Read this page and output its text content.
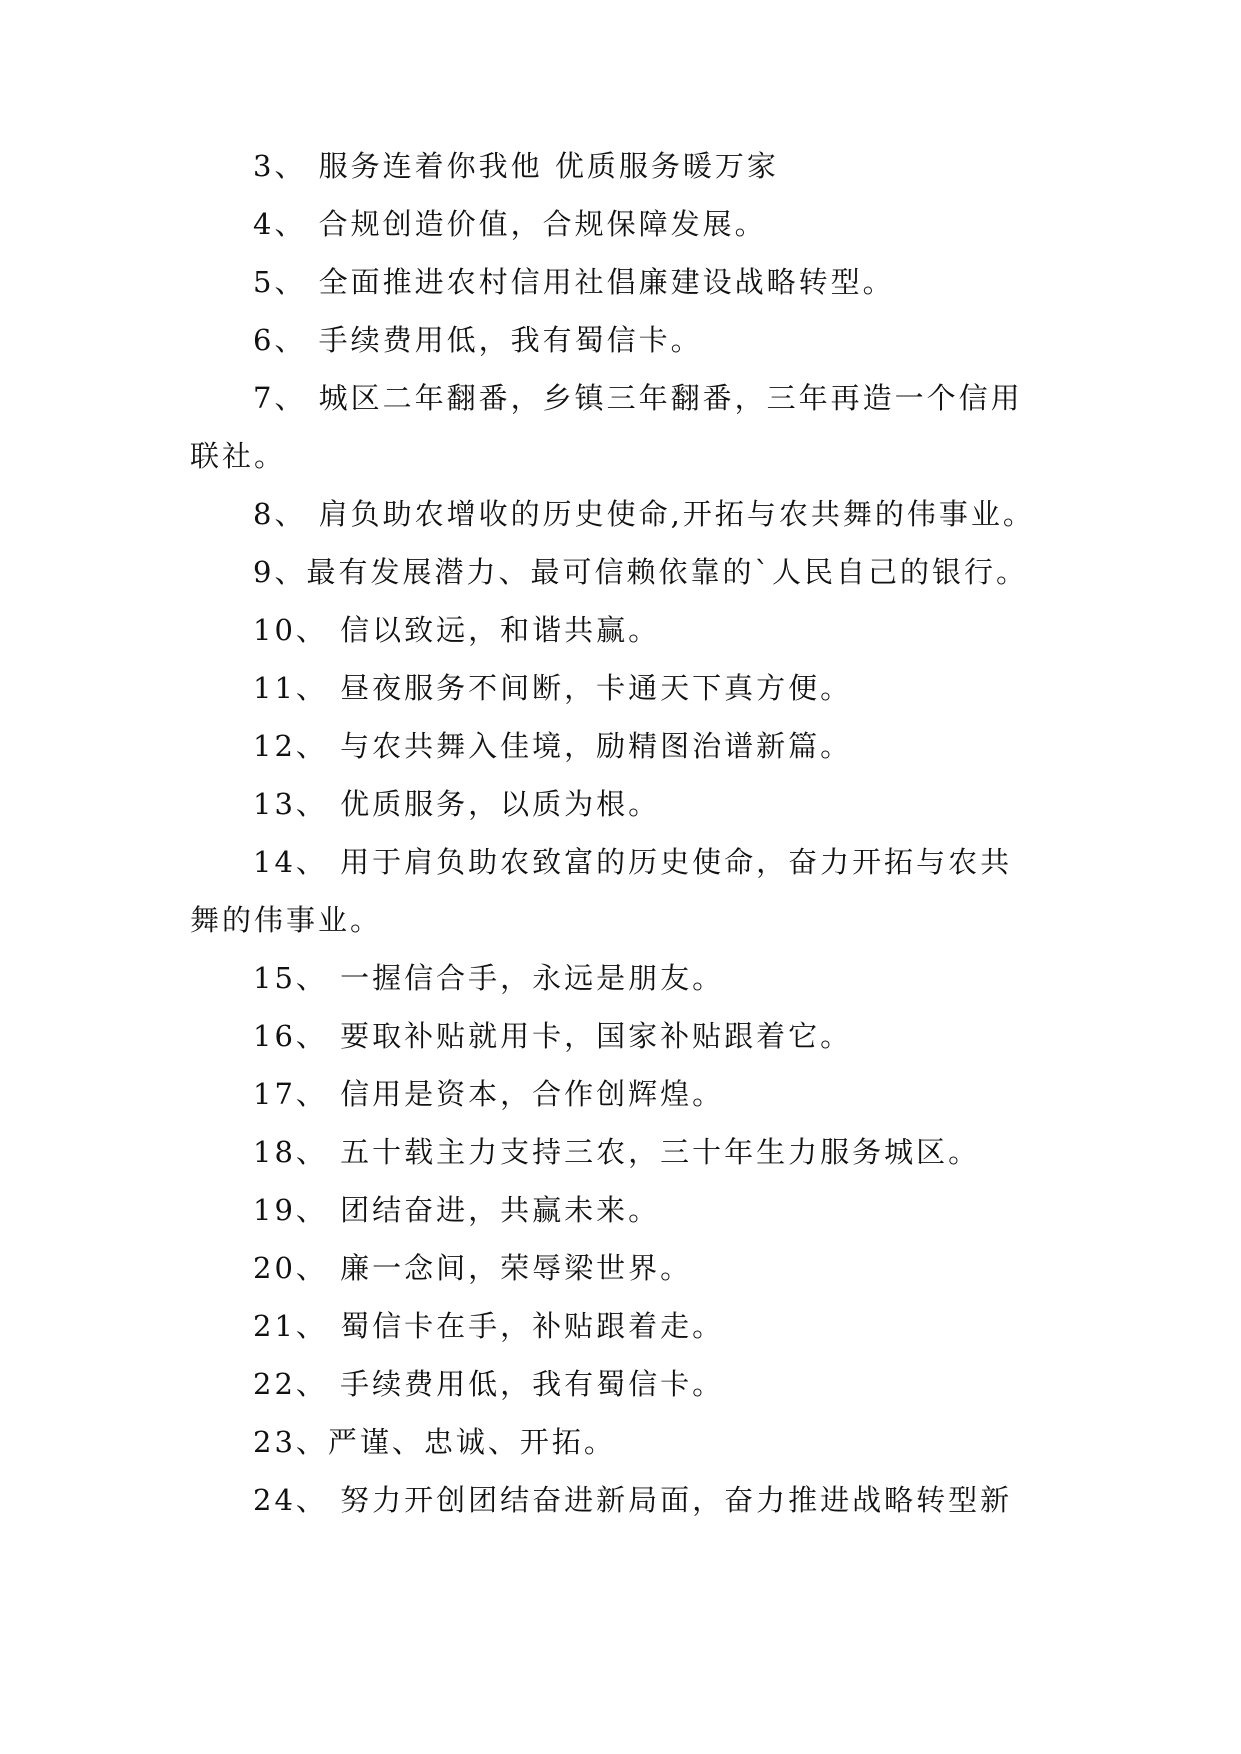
3、 服务连着你我他 优质服务暖万家

4、 合规创造价值，合规保障发展。

5、 全面推进农村信用社倡廉建设战略转型。

6、 手续费用低，我有蜀信卡。

7、 城区二年翻番，乡镇三年翻番，三年再造一个信用
联社。

8、 肩负助农增收的历史使命,开拓与农共舞的伟事业。

9、最有发展潜力、最可信赖依靠的`人民自己的银行。

10、 信以致远，和谐共赢。

11、 昼夜服务不间断，卡通天下真方便。

12、 与农共舞入佳境，励精图治谱新篇。

13、 优质服务，以质为根。

14、 用于肩负助农致富的历史使命，奋力开拓与农共
舞的伟事业。

15、 一握信合手，永远是朋友。

16、 要取补贴就用卡，国家补贴跟着它。

17、 信用是资本，合作创辉煌。

18、 五十载主力支持三农，三十年生力服务城区。

19、 团结奋进，共赢未来。

20、 廉一念间，荣辱梁世界。

21、 蜀信卡在手，补贴跟着走。

22、 手续费用低，我有蜀信卡。

23、严谨、忠诚、开拓。

24、 努力开创团结奋进新局面，奋力推进战略转型新
